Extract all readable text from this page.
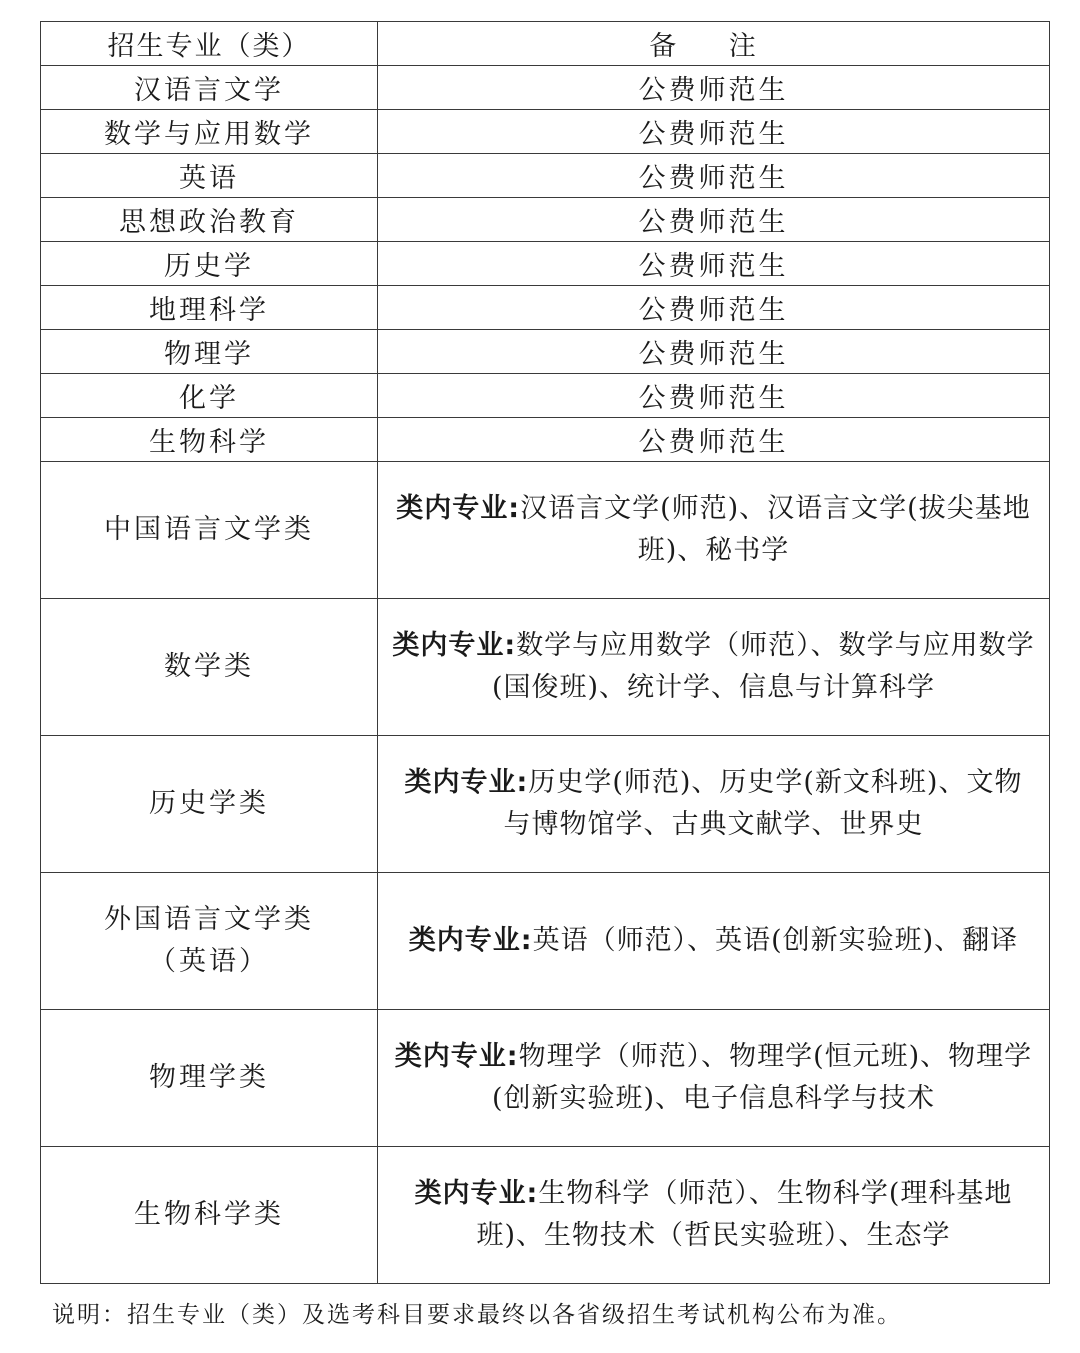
招生专业（类）	备 注
汉语言文学	公费师范生
数学与应用数学	公费师范生
英语	公费师范生
思想政治教育	公费师范生
历史学	公费师范生
地理科学	公费师范生
物理学	公费师范生
化学	公费师范生
生物科学	公费师范生
中国语言文学类	类内专业:汉语言文学(师范)、汉语言文学(拔尖基地班)、秘书学
数学类	类内专业:数学与应用数学（师范）、数学与应用数学(国俊班)、统计学、信息与计算科学
历史学类	类内专业:历史学(师范)、历史学(新文科班)、文物与博物馆学、古典文献学、世界史
外国语言文学类
（英语）	类内专业:英语（师范）、英语(创新实验班)、翻译
物理学类	类内专业:物理学（师范）、物理学(恒元班)、物理学(创新实验班)、电子信息科学与技术
生物科学类	类内专业:生物科学（师范）、生物科学(理科基地班)、生物技术（哲民实验班）、生态学
说明：招生专业（类）及选考科目要求最终以各省级招生考试机构公布为准。
